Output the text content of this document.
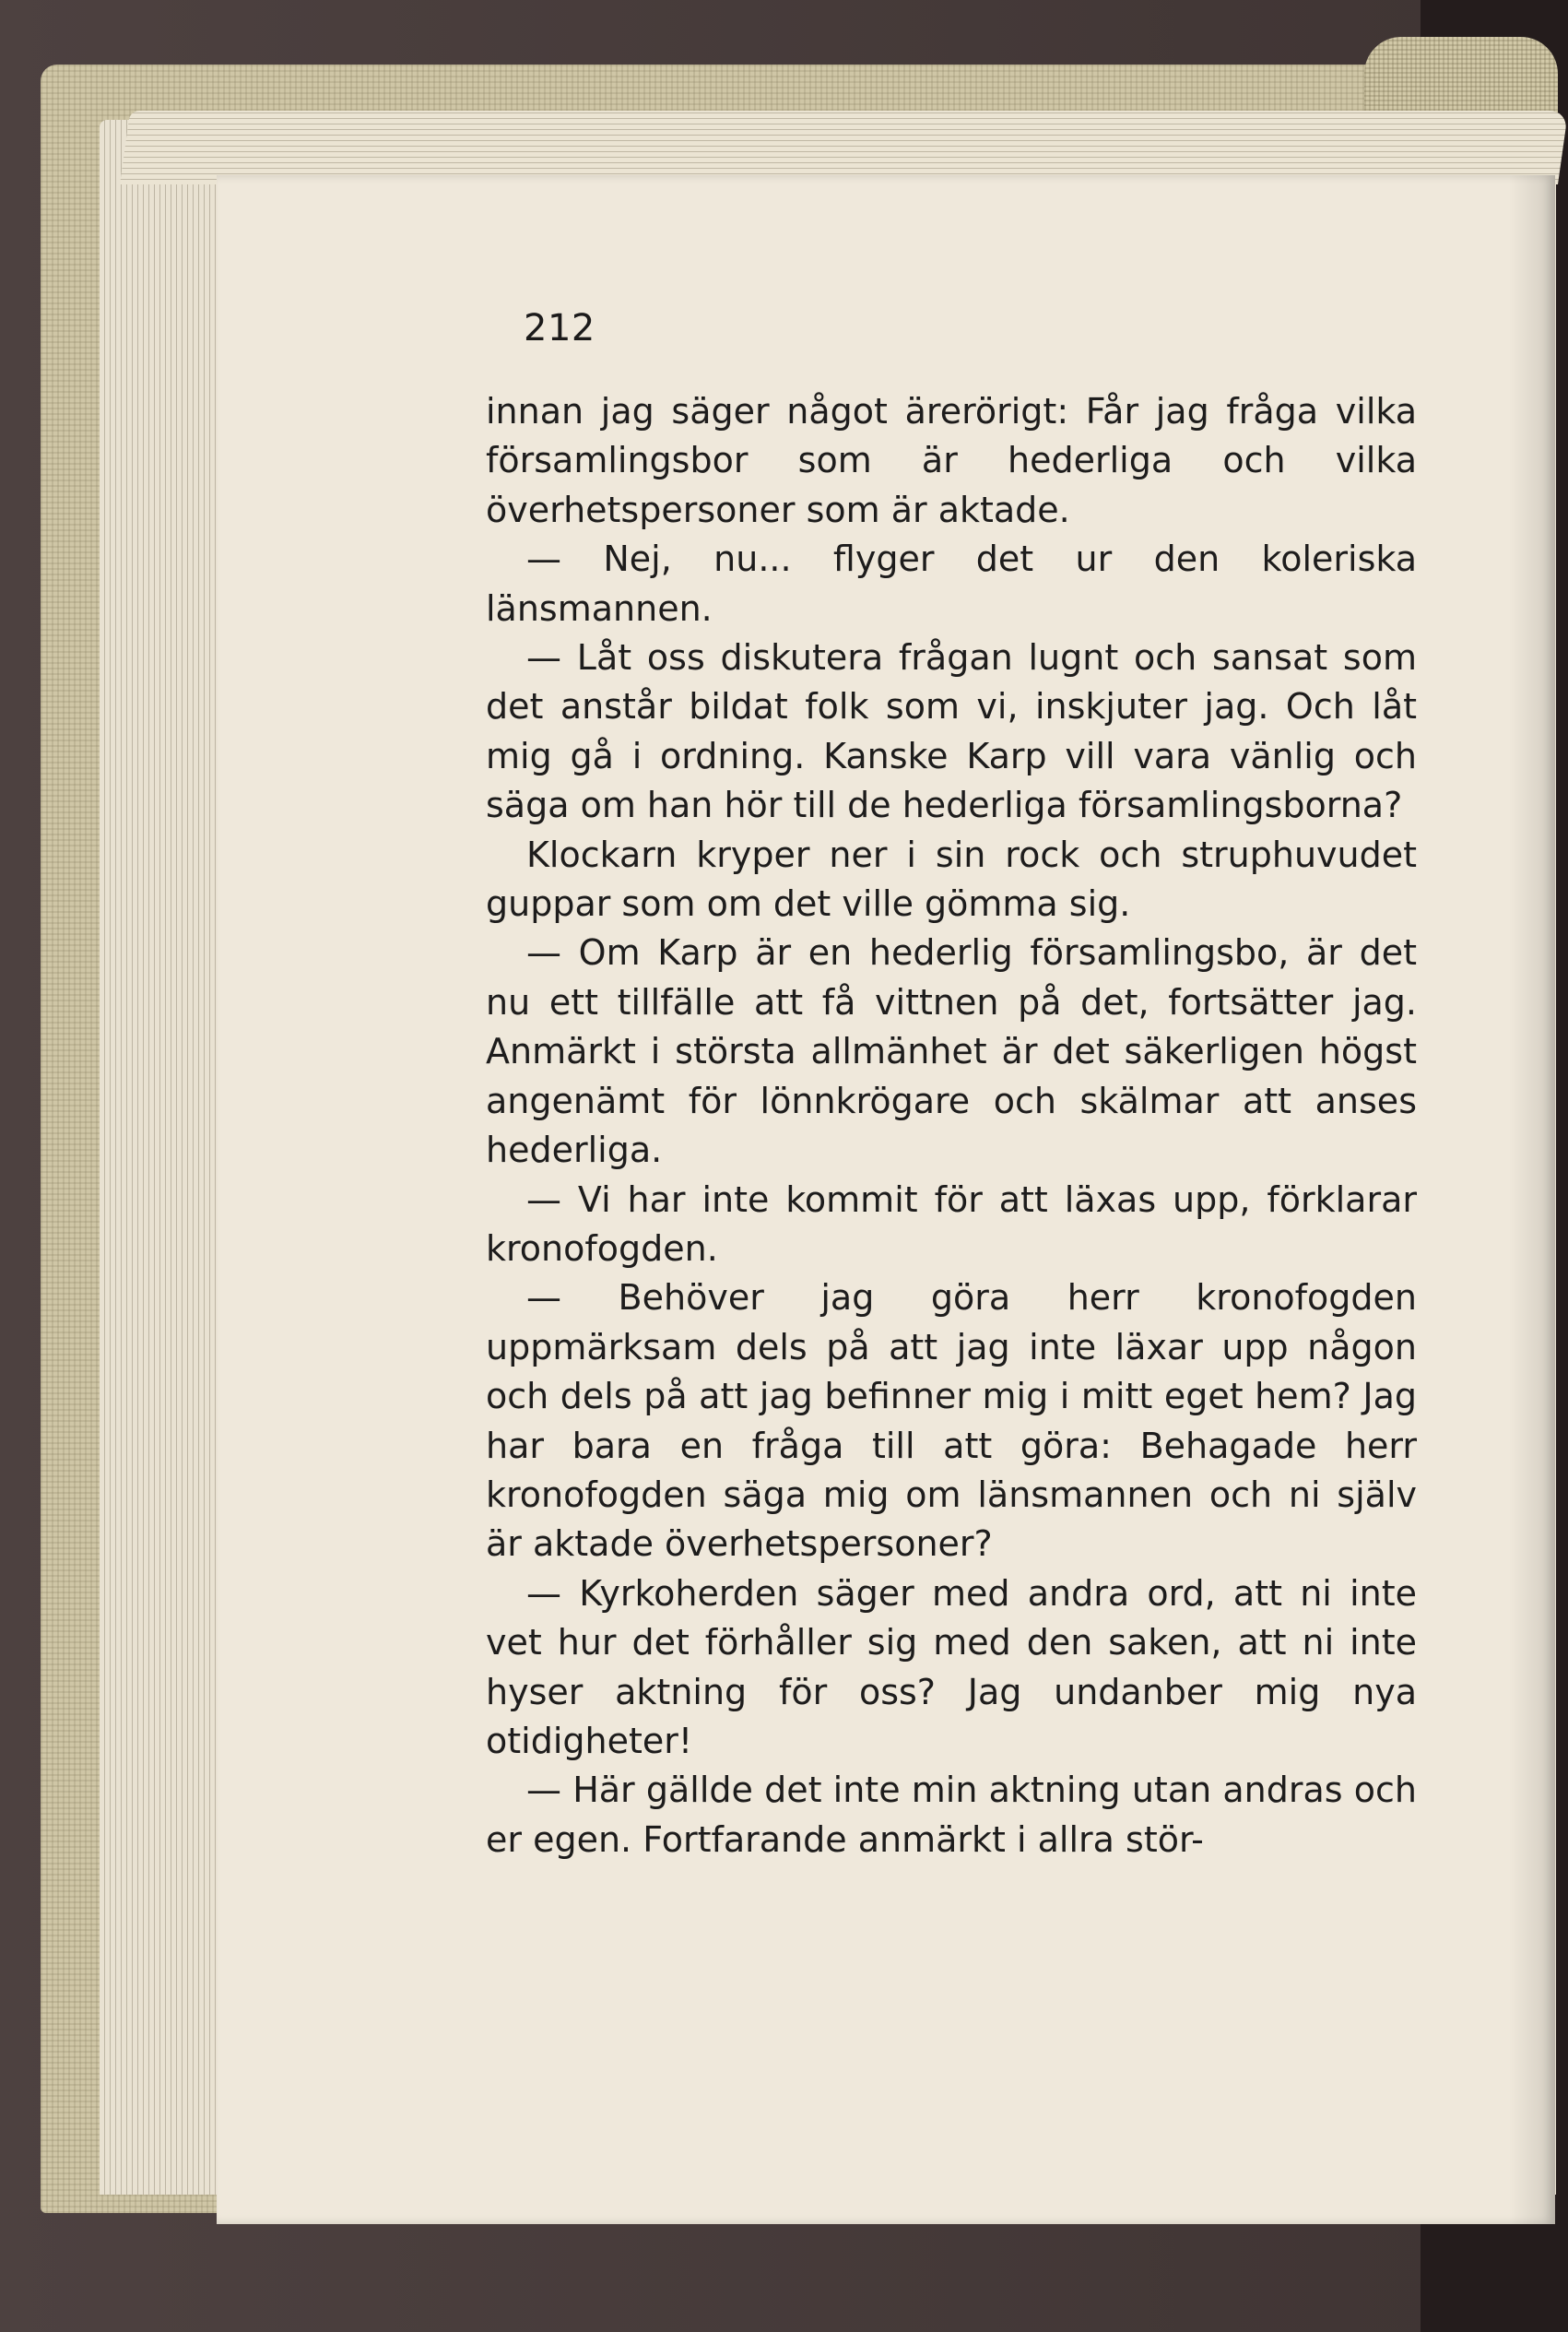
212

innan jag säger något ärerörigt: Får jag fråga vilka församlingsbor som är hederliga och vilka överhetspersoner som är aktade.

— Nej, nu... flyger det ur den koleriska länsmannen.

— Låt oss diskutera frågan lugnt och sansat som det anstår bildat folk som vi, inskjuter jag. Och låt mig gå i ordning. Kanske Karp vill vara vänlig och säga om han hör till de hederliga församlingsborna?

Klockarn kryper ner i sin rock och struphuvudet guppar som om det ville gömma sig.

— Om Karp är en hederlig församlingsbo, är det nu ett tillfälle att få vittnen på det, fortsätter jag. Anmärkt i största allmänhet är det säkerligen högst angenämt för lönnkrögare och skälmar att anses hederliga.

— Vi har inte kommit för att läxas upp, förklarar kronofogden.

— Behöver jag göra herr kronofogden uppmärksam dels på att jag inte läxar upp någon och dels på att jag befinner mig i mitt eget hem? Jag har bara en fråga till att göra: Behagade herr kronofogden säga mig om länsmannen och ni själv är aktade överhetspersoner?

— Kyrkoherden säger med andra ord, att ni inte vet hur det förhåller sig med den saken, att ni inte hyser aktning för oss? Jag undanber mig nya otidigheter!

— Här gällde det inte min aktning utan andras och er egen. Fortfarande anmärkt i allra stör-
